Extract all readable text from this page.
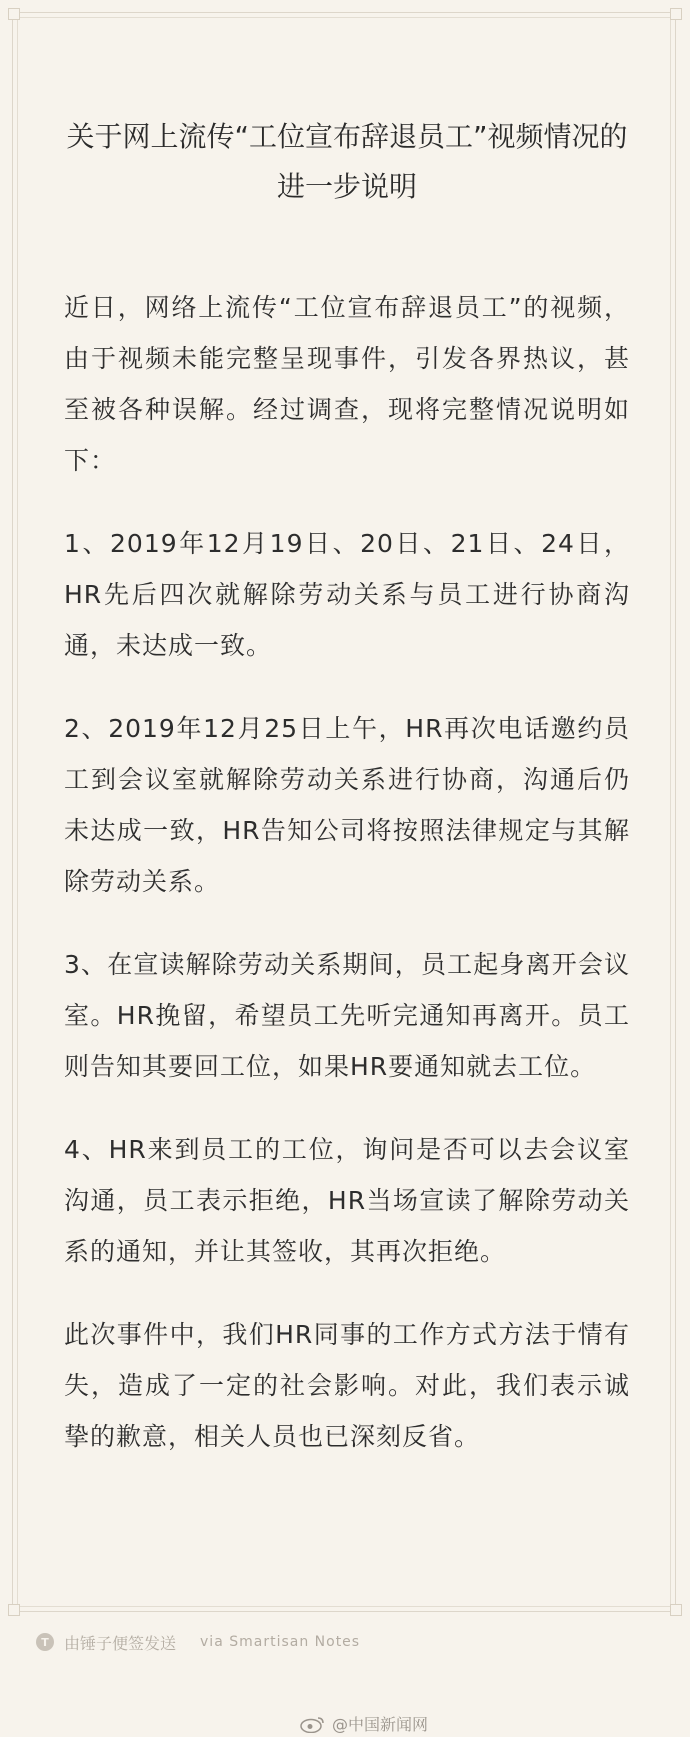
关于网上流传“工位宣布辞退员工”视频情况的进一步说明

近日，网络上流传“工位宣布辞退员工”的视频，由于视频未能完整呈现事件，引发各界热议，甚至被各种误解。经过调查，现将完整情况说明如下：

1、2019年12月19日、20日、21日、24日，HR先后四次就解除劳动关系与员工进行协商沟通，未达成一致。

2、2019年12月25日上午，HR再次电话邀约员工到会议室就解除劳动关系进行协商，沟通后仍未达成一致，HR告知公司将按照法律规定与其解除劳动关系。

3、在宣读解除劳动关系期间，员工起身离开会议室。HR挽留，希望员工先听完通知再离开。员工则告知其要回工位，如果HR要通知就去工位。

4、HR来到员工的工位，询问是否可以去会议室沟通，员工表示拒绝，HR当场宣读了解除劳动关系的通知，并让其签收，其再次拒绝。

此次事件中，我们HR同事的工作方式方法于情有失，造成了一定的社会影响。对此，我们表示诚挚的歉意，相关人员也已深刻反省。

T 由锤子便签发送 via Smartisan Notes
@中国新闻网
